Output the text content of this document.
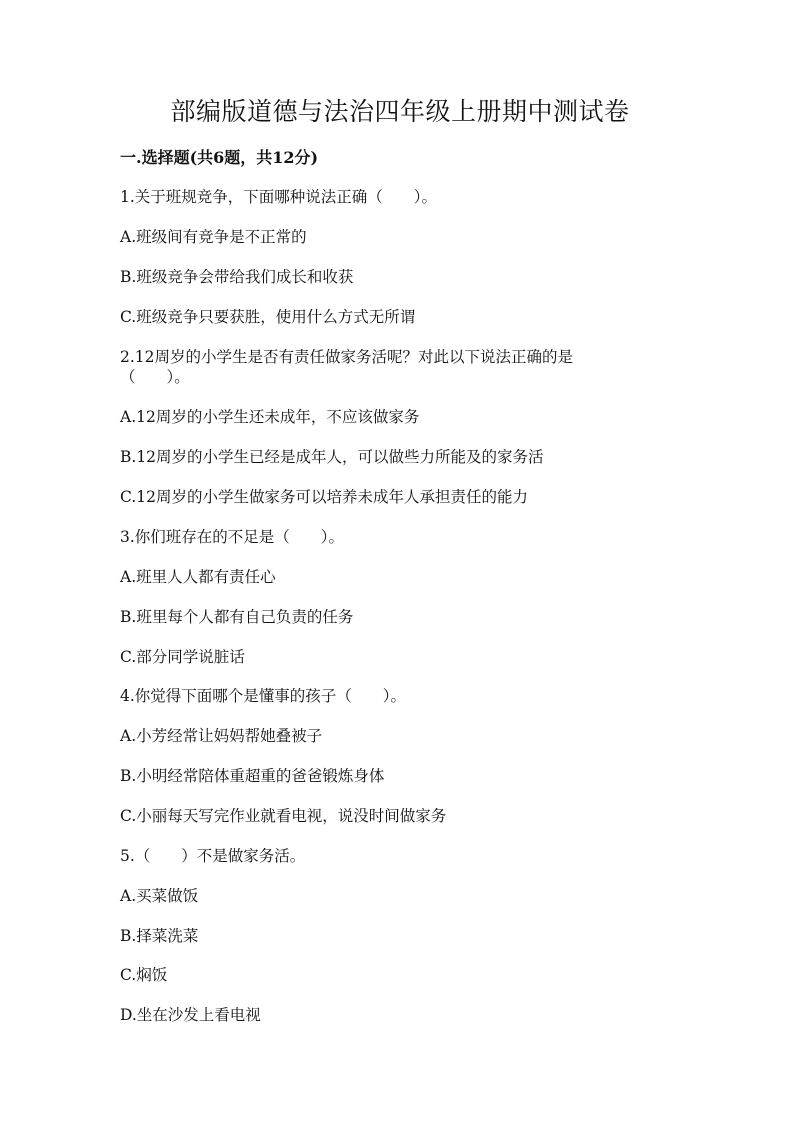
部编版道德与法治四年级上册期中测试卷
一.选择题(共6题，共12分)
1.关于班规竞争，下面哪种说法正确（　　）。
A.班级间有竞争是不正常的
B.班级竞争会带给我们成长和收获
C.班级竞争只要获胜，使用什么方式无所谓
2.12周岁的小学生是否有责任做家务活呢？对此以下说法正确的是
（　　）。
A.12周岁的小学生还未成年，不应该做家务
B.12周岁的小学生已经是成年人，可以做些力所能及的家务活
C.12周岁的小学生做家务可以培养未成年人承担责任的能力
3.你们班存在的不足是（　　）。
A.班里人人都有责任心
B.班里每个人都有自己负责的任务
C.部分同学说脏话
4.你觉得下面哪个是懂事的孩子（　　）。
A.小芳经常让妈妈帮她叠被子
B.小明经常陪体重超重的爸爸锻炼身体
C.小丽每天写完作业就看电视，说没时间做家务
5.（　　）不是做家务活。
A.买菜做饭
B.择菜洗菜
C.焖饭
D.坐在沙发上看电视
